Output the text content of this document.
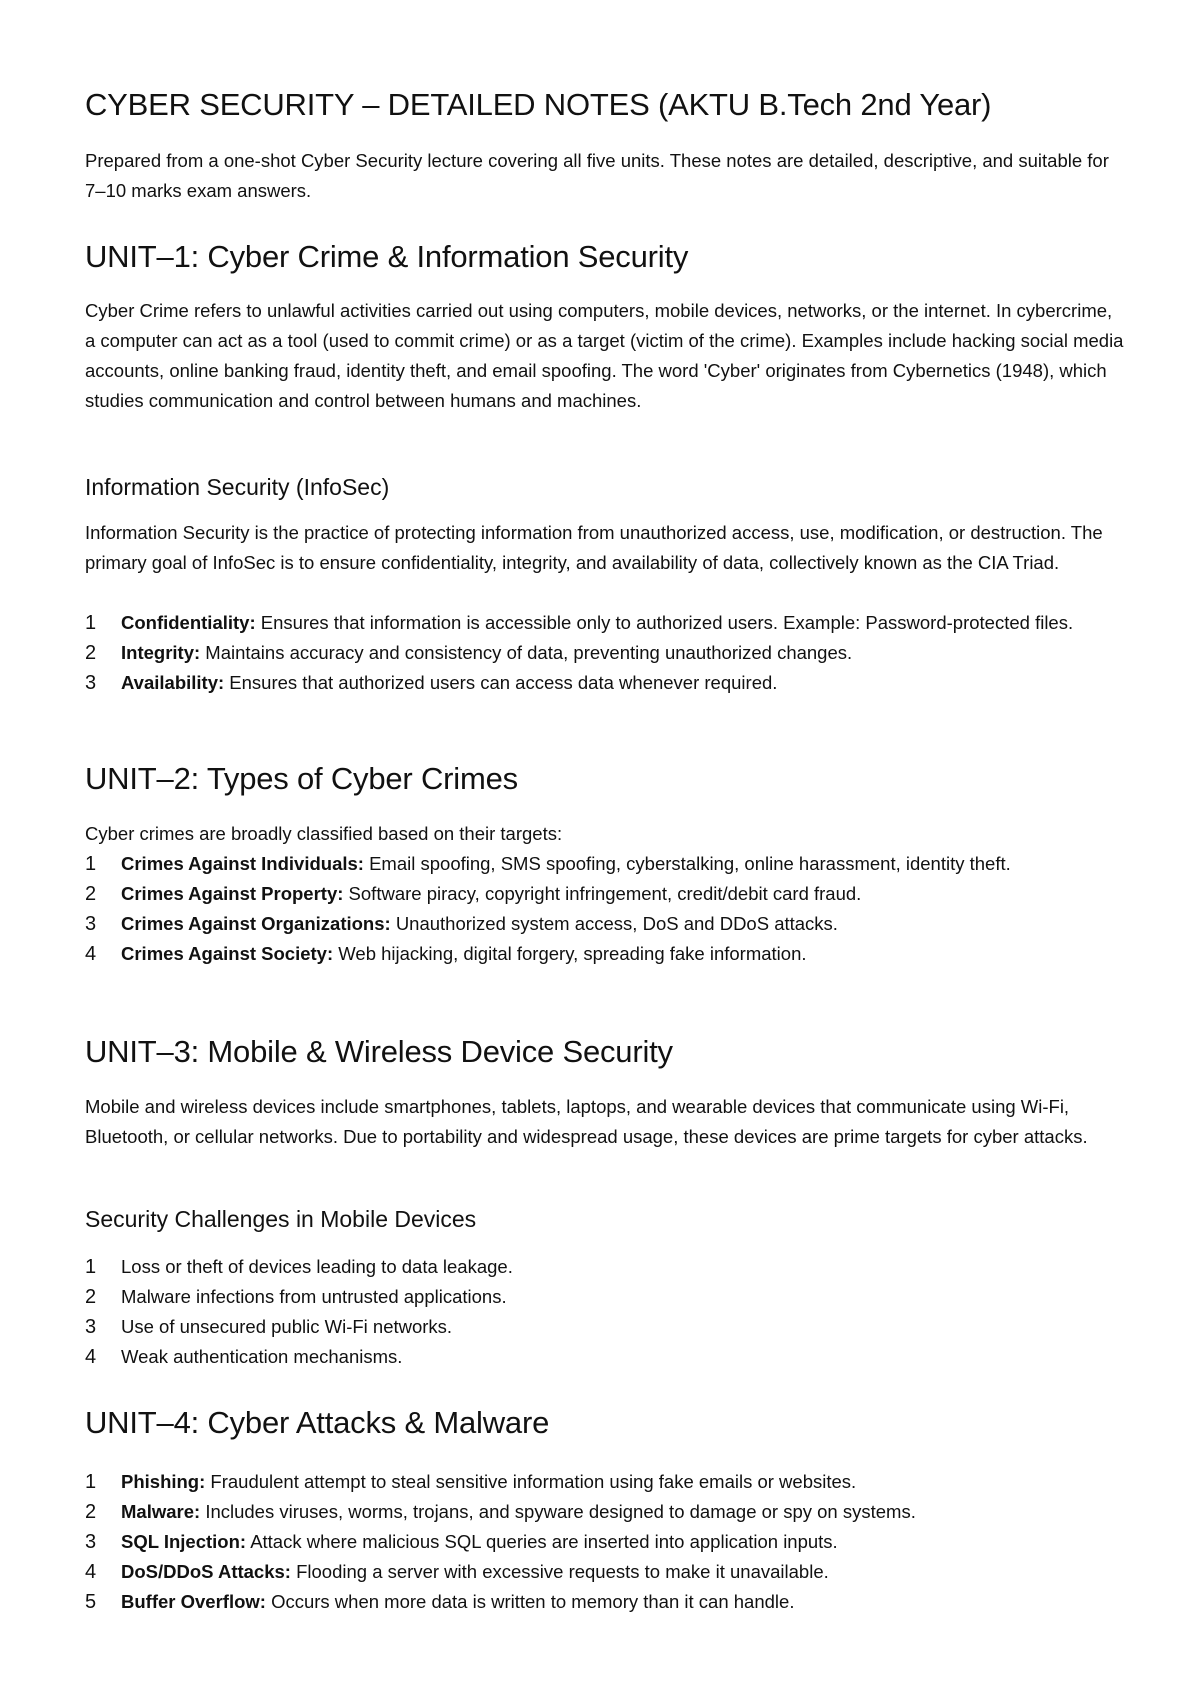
CYBER SECURITY – DETAILED NOTES (AKTU B.Tech 2nd Year)

Prepared from a one-shot Cyber Security lecture covering all five units. These notes are detailed, descriptive, and suitable for 7–10 marks exam answers.

UNIT–1: Cyber Crime & Information Security

Cyber Crime refers to unlawful activities carried out using computers, mobile devices, networks, or the internet. In cybercrime, a computer can act as a tool (used to commit crime) or as a target (victim of the crime). Examples include hacking social media accounts, online banking fraud, identity theft, and email spoofing. The word 'Cyber' originates from Cybernetics (1948), which studies communication and control between humans and machines.

Information Security (InfoSec)

Information Security is the practice of protecting information from unauthorized access, use, modification, or destruction. The primary goal of InfoSec is to ensure confidentiality, integrity, and availability of data, collectively known as the CIA Triad.

1	Confidentiality: Ensures that information is accessible only to authorized users. Example: Password-protected files.
2	Integrity: Maintains accuracy and consistency of data, preventing unauthorized changes.
3	Availability: Ensures that authorized users can access data whenever required.
UNIT–2: Types of Cyber Crimes

Cyber crimes are broadly classified based on their targets:

1	Crimes Against Individuals: Email spoofing, SMS spoofing, cyberstalking, online harassment, identity theft.
2	Crimes Against Property: Software piracy, copyright infringement, credit/debit card fraud.
3	Crimes Against Organizations: Unauthorized system access, DoS and DDoS attacks.
4	Crimes Against Society: Web hijacking, digital forgery, spreading fake information.
UNIT–3: Mobile & Wireless Device Security

Mobile and wireless devices include smartphones, tablets, laptops, and wearable devices that communicate using Wi-Fi, Bluetooth, or cellular networks. Due to portability and widespread usage, these devices are prime targets for cyber attacks.

Security Challenges in Mobile Devices
1	Loss or theft of devices leading to data leakage.
2	Malware infections from untrusted applications.
3	Use of unsecured public Wi-Fi networks.
4	Weak authentication mechanisms.
UNIT–4: Cyber Attacks & Malware
1	Phishing: Fraudulent attempt to steal sensitive information using fake emails or websites.
2	Malware: Includes viruses, worms, trojans, and spyware designed to damage or spy on systems.
3	SQL Injection: Attack where malicious SQL queries are inserted into application inputs.
4	DoS/DDoS Attacks: Flooding a server with excessive requests to make it unavailable.
5	Buffer Overflow: Occurs when more data is written to memory than it can handle.
